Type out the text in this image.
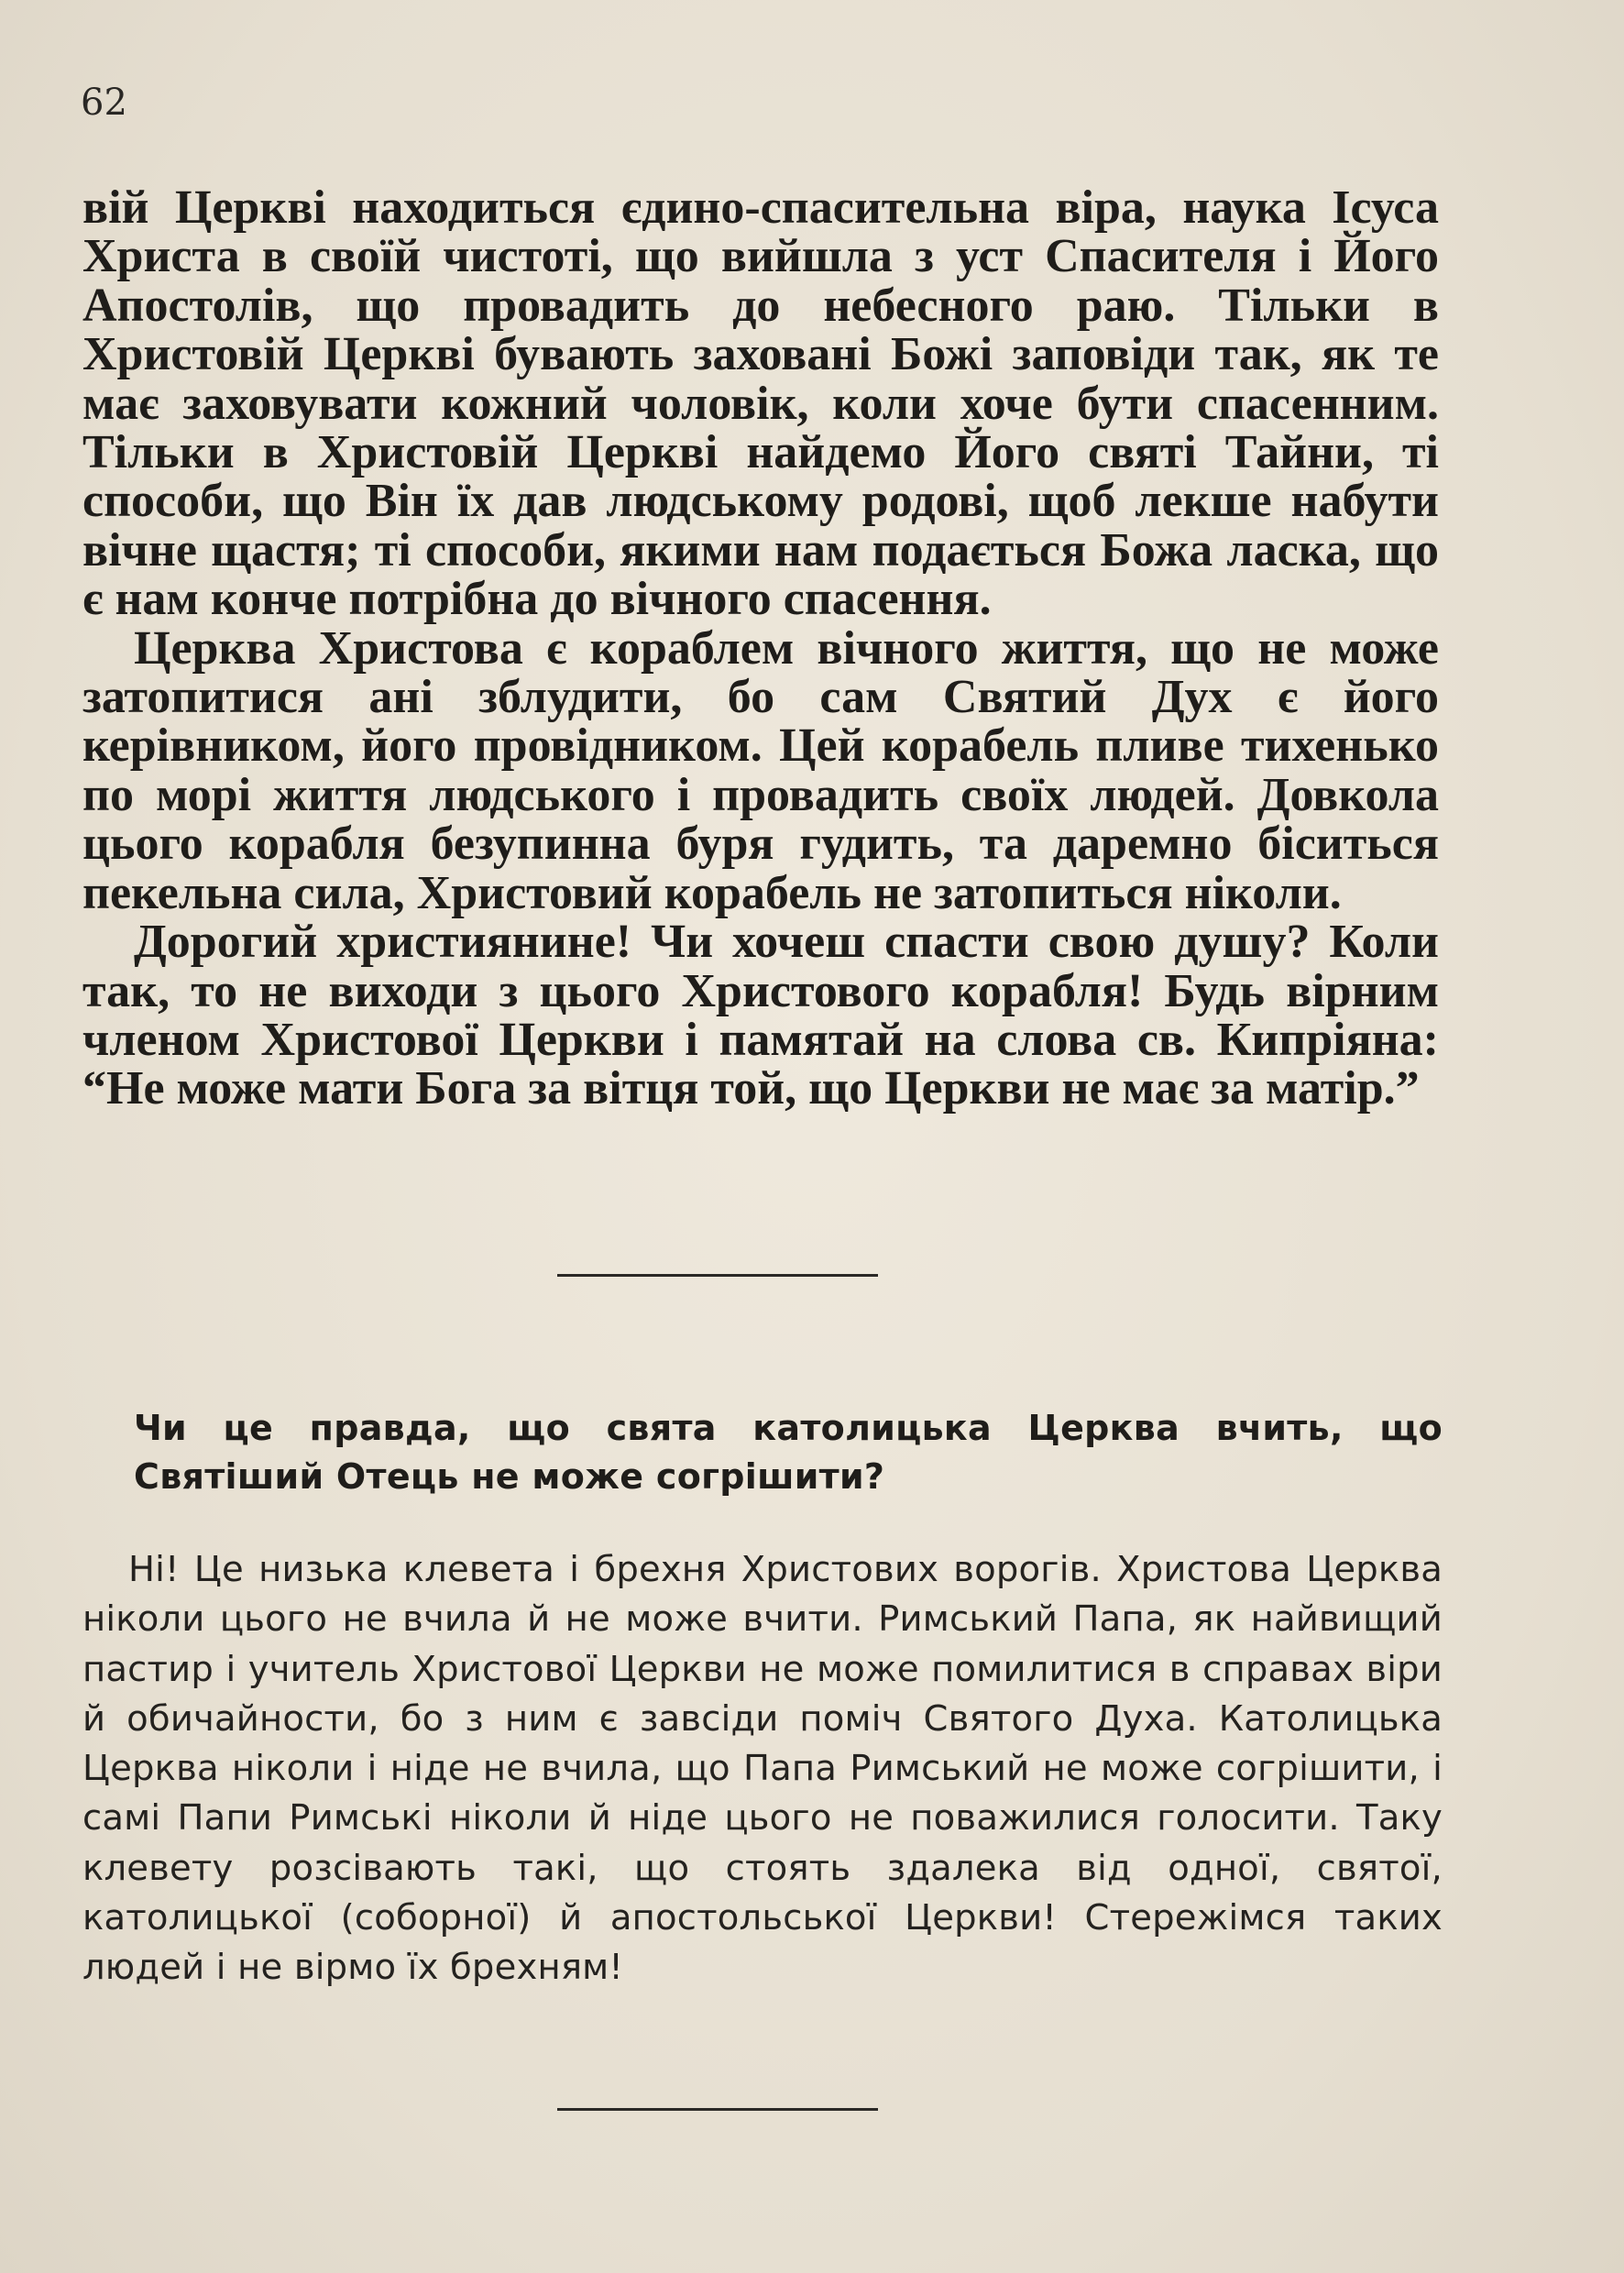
62

вій Церкві находиться єдино-спасительна віра, наука Ісуса Христа в своїй чистоті, що вийшла з уст Спасителя і Його Апостолів, що провадить до небесного раю. Тільки в Христовій Церкві бувають заховані Божі заповіди так, як те має заховувати кожний чоловік, коли хоче бути спасенним. Тільки в Христовій Церкві найдемо Його святі Тайни, ті способи, що Він їх дав людському родові, щоб лекше набути вічне щастя; ті способи, якими нам подається Божа ласка, що є нам конче потрібна до вічного спасення.

Церква Христова є кораблем вічного життя, що не може затопитися ані зблудити, бо сам Святий Дух є його керівником, його провідником. Цей корабель пливе тихенько по морі життя людського і провадить своїх людей. Довкола цього корабля безупинна буря гудить, та даремно біситься пекельна сила, Христовий корабель не затопиться ніколи.

Дорогий християнине! Чи хочеш спасти свою душу? Коли так, то не виходи з цього Христового корабля! Будь вірним членом Христової Церкви і памятай на слова св. Кипріяна: “Не може мати Бога за вітця той, що Церкви не має за матір.”

Чи це правда, що свята католицька Церква вчить, що Святіший Отець не може согрішити?

Ні! Це низька клевета і брехня Христових ворогів. Христова Церква ніколи цього не вчила й не може вчити. Римський Папа, як найвищий пастир і учитель Христової Церкви не може помилитися в справах віри й обичайности, бо з ним є завсіди поміч Святого Духа. Католицька Церква ніколи і ніде не вчила, що Папа Римський не може согрішити, і самі Папи Римські ніколи й ніде цього не поважилися голосити. Таку клевету розсівають такі, що стоять здалека від одної, святої, католицької (соборної) й апостольської Церкви! Стережімся таких людей і не вірмо їх брехням!
